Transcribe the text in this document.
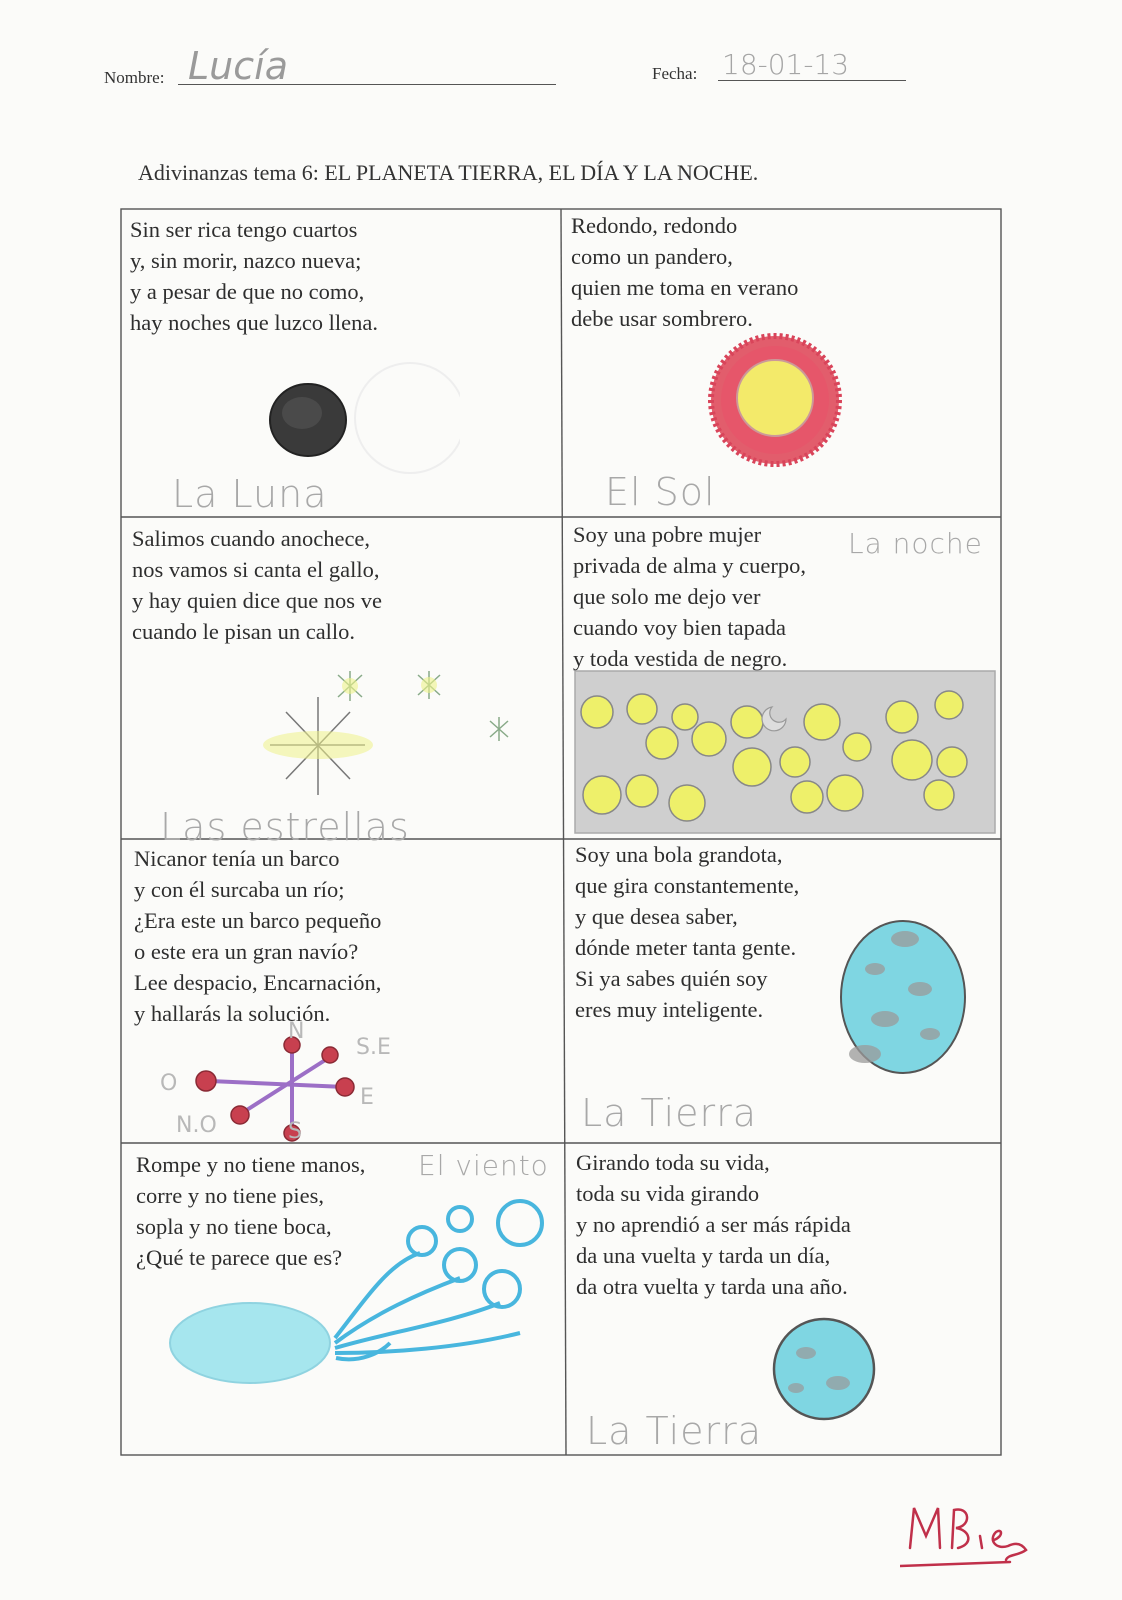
Nombre: Lucía	Fecha: 18-01-13
Adivinanzas tema 6: EL PLANETA TIERRA, EL DÍA Y LA NOCHE.
Sin ser rica tengo cuartos
y, sin morir, nazco nueva;
y a pesar de que no como,
hay noches que luzco llena.
La Luna
Redondo, redondo
como un pandero,
quien me toma en verano
debe usar sombrero.
El Sol
Salimos cuando anochece,
nos vamos si canta el gallo,
y hay quien dice que nos ve
cuando le pisan un callo.
Las estrellas
Soy una pobre mujer
privada de alma y cuerpo,
que solo me dejo ver
cuando voy bien tapada
y toda vestida de negro.
La noche
Nicanor tenía un barco
y con él surcaba un río;
¿Era este un barco pequeño
o este era un gran navío?
Lee despacio, Encarnación,
y hallarás la solución.
N
S.E
O
E
N.O	S
Soy una bola grandota,
que gira constantemente,
y que desea saber,
dónde meter tanta gente.
Si ya sabes quién soy
eres muy inteligente.
La Tierra
Rompe y no tiene manos,
corre y no tiene pies,
sopla y no tiene boca,
¿Qué te parece que es?
El viento Girando toda su vida,
toda su vida girando
y no aprendió a ser más rápida
da una vuelta y tarda un día,
da otra vuelta y tarda una año.
La Tierra
